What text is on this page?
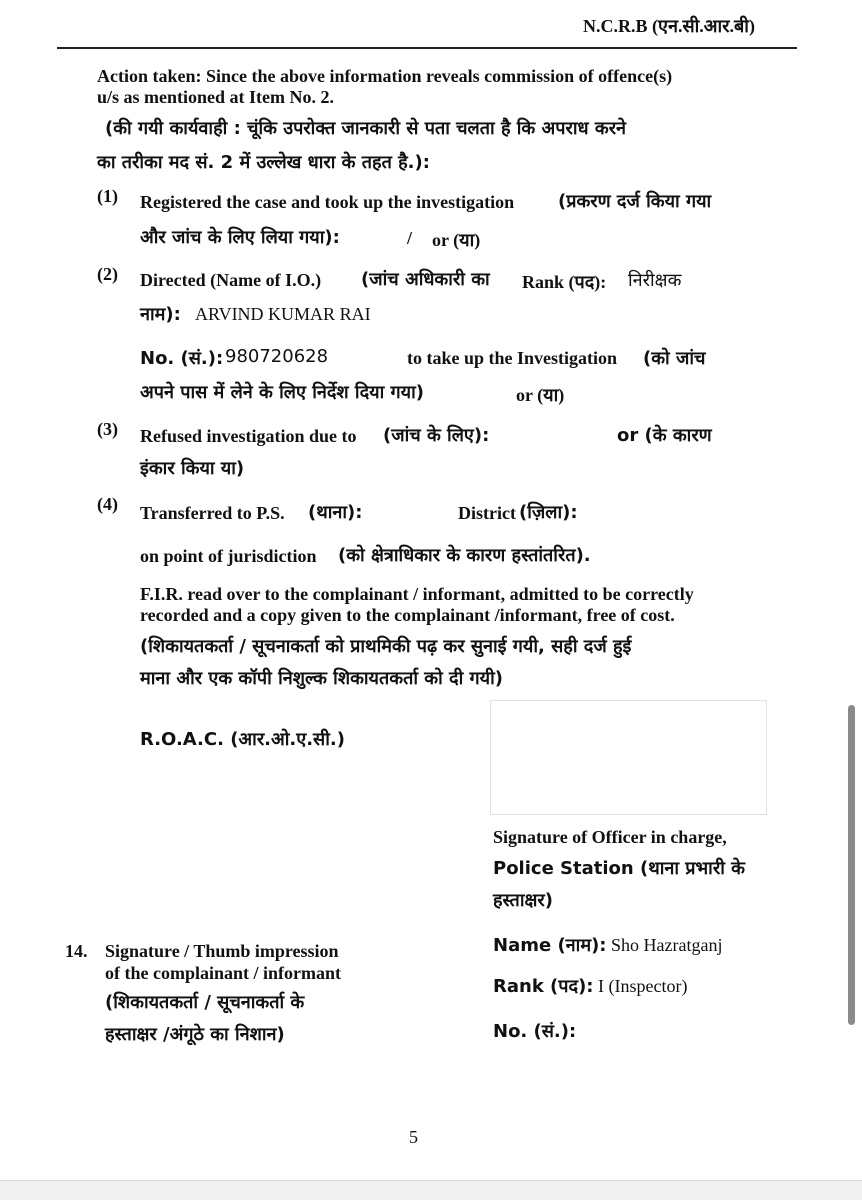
N.C.R.B (एन.सी.आर.बी)
Action taken: Since the above information reveals commission of offence(s)
u/s as mentioned at Item No. 2.
(की गयी कार्यवाही : चूंकि उपरोक्त जानकारी से पता चलता है कि अपराध करने
का तरीका मद सं. 2 में उल्लेख धारा के तहत है.):
(1) Registered the case and took up the investigation (प्रकरण दर्ज किया गया
और जांच के लिए लिया गया):	/ or (या)
(2) Directed (Name of I.O.) (जांच अधिकारी का Rank (पद): निरीक्षक
नाम): ARVIND KUMAR RAI
No. (सं.): 980720628	to take up the Investigation (को जांच
अपने पास में लेने के लिए निर्देश दिया गया)	or (या)
(3) Refused investigation due to (जांच के लिए):	or (के कारण
इंकार किया या)
(4) Transferred to P.S. (थाना):	District (ज़िला):
on point of jurisdiction (को क्षेत्राधिकार के कारण हस्तांतरित).
F.I.R. read over to the complainant / informant, admitted to be correctly
recorded and a copy given to the complainant /informant, free of cost.
(शिकायतकर्ता / सूचनाकर्ता को प्राथमिकी पढ़ कर सुनाई गयी, सही दर्ज हुई
माना और एक कॉपी निशुल्क शिकायतकर्ता को दी गयी)
R.O.A.C. (आर.ओ.ए.सी.)
Signature of Officer in charge,
Police Station (थाना प्रभारी के
हस्ताक्षर)
Name (नाम): Sho Hazratganj
Rank (पद): I (Inspector)
No. (सं.):
14. Signature / Thumb impression
of the complainant / informant
(शिकायतकर्ता / सूचनाकर्ता के
हस्ताक्षर /अंगूठे का निशान)
5
